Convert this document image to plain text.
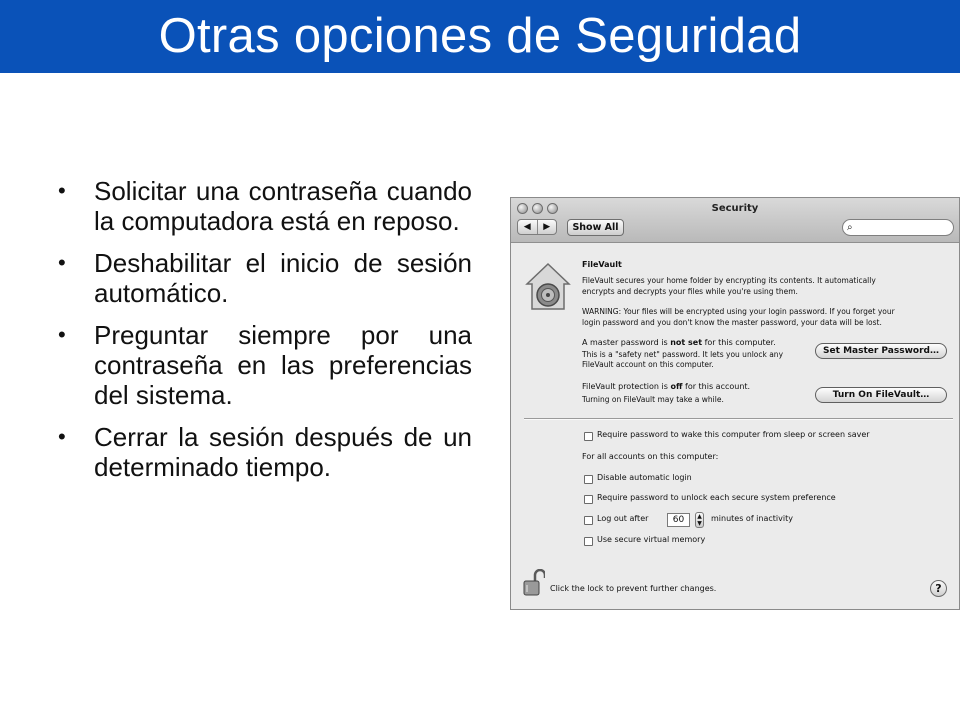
Otras opciones de Seguridad
• Solicitar una contraseña cuando la computadora está en reposo.
• Deshabilitar el inicio de sesión automático.
• Preguntar siempre por una contraseña en las preferencias del sistema.
• Cerrar la sesión después de un determinado tiempo.
Security
◀	▶	Show All	⌕
FileVault
FileVault secures your home folder by encrypting its contents. It automatically
encrypts and decrypts your files while you're using them.
WARNING: Your files will be encrypted using your login password. If you forget your
login password and you don't know the master password, your data will be lost.
A master password is not set for this computer.
This is a "safety net" password. It lets you unlock any
FileVault account on this computer.
Set Master Password…
FileVault protection is off for this account.
Turning on FileVault may take a while.	Turn On FileVault…
Require password to wake this computer from sleep or screen saver
For all accounts on this computer:
Disable automatic login
Require password to unlock each secure system preference
Log out after	60	▲
▼
minutes of inactivity
Use secure virtual memory
Click the lock to prevent further changes.	?
